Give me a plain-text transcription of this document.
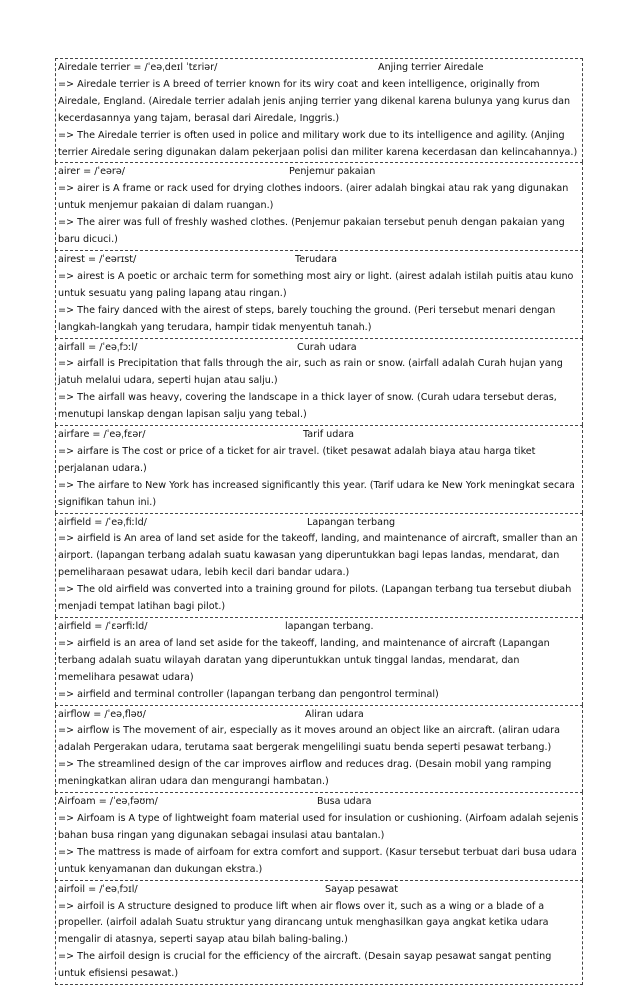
Airedale terrier = /ˈeəˌdeɪl ˈtɛriər/	Anjing terrier Airedale
=> Airedale terrier is A breed of terrier known for its wiry coat and keen intelligence, originally from Airedale, England. (Airedale terrier adalah jenis anjing terrier yang dikenal karena bulunya yang kurus dan kecerdasannya yang tajam, berasal dari Airedale, Inggris.)
=> The Airedale terrier is often used in police and military work due to its intelligence and agility. (Anjing terrier Airedale sering digunakan dalam pekerjaan polisi dan militer karena kecerdasan dan kelincahannya.)
airer = /ˈeərə/	Penjemur pakaian
=> airer is A frame or rack used for drying clothes indoors. (airer adalah bingkai atau rak yang digunakan untuk menjemur pakaian di dalam ruangan.)
=> The airer was full of freshly washed clothes. (Penjemur pakaian tersebut penuh dengan pakaian yang baru dicuci.)
airest = /ˈeərɪst/	Terudara
=> airest is A poetic or archaic term for something most airy or light. (airest adalah istilah puitis atau kuno untuk sesuatu yang paling lapang atau ringan.)
=> The fairy danced with the airest of steps, barely touching the ground. (Peri tersebut menari dengan langkah-langkah yang terudara, hampir tidak menyentuh tanah.)
airfall = /ˈeəˌfɔːl/	Curah udara
=> airfall is Precipitation that falls through the air, such as rain or snow. (airfall adalah Curah hujan yang jatuh melalui udara, seperti hujan atau salju.)
=> The airfall was heavy, covering the landscape in a thick layer of snow. (Curah udara tersebut deras, menutupi lanskap dengan lapisan salju yang tebal.)
airfare = /ˈeəˌfɛər/	Tarif udara
=> airfare is The cost or price of a ticket for air travel. (tiket pesawat adalah biaya atau harga tiket perjalanan udara.)
=> The airfare to New York has increased significantly this year. (Tarif udara ke New York meningkat secara signifikan tahun ini.)
airfield = /ˈeəˌfiːld/	Lapangan terbang
=> airfield is An area of land set aside for the takeoff, landing, and maintenance of aircraft, smaller than an airport. (lapangan terbang adalah suatu kawasan yang diperuntukkan bagi lepas landas, mendarat, dan pemeliharaan pesawat udara, lebih kecil dari bandar udara.)
=> The old airfield was converted into a training ground for pilots. (Lapangan terbang tua tersebut diubah menjadi tempat latihan bagi pilot.)
airfield = /ˈɛərfiːld/	lapangan terbang.
=> airfield is an area of land set aside for the takeoff, landing, and maintenance of aircraft (Lapangan terbang adalah suatu wilayah daratan yang diperuntukkan untuk tinggal landas, mendarat, dan memelihara pesawat udara)
=> airfield and terminal controller (lapangan terbang dan pengontrol terminal)
airflow = /ˈeəˌfləʊ/	Aliran udara
=> airflow is The movement of air, especially as it moves around an object like an aircraft. (aliran udara adalah Pergerakan udara, terutama saat bergerak mengelilingi suatu benda seperti pesawat terbang.)
=> The streamlined design of the car improves airflow and reduces drag. (Desain mobil yang ramping meningkatkan aliran udara dan mengurangi hambatan.)
Airfoam = /ˈeəˌfəʊm/	Busa udara
=> Airfoam is A type of lightweight foam material used for insulation or cushioning. (Airfoam adalah sejenis bahan busa ringan yang digunakan sebagai insulasi atau bantalan.)
=> The mattress is made of airfoam for extra comfort and support. (Kasur tersebut terbuat dari busa udara untuk kenyamanan dan dukungan ekstra.)
airfoil = /ˈeəˌfɔɪl/	Sayap pesawat
=> airfoil is A structure designed to produce lift when air flows over it, such as a wing or a blade of a propeller. (airfoil adalah Suatu struktur yang dirancang untuk menghasilkan gaya angkat ketika udara mengalir di atasnya, seperti sayap atau bilah baling-baling.)
=> The airfoil design is crucial for the efficiency of the aircraft. (Desain sayap pesawat sangat penting untuk efisiensi pesawat.)
